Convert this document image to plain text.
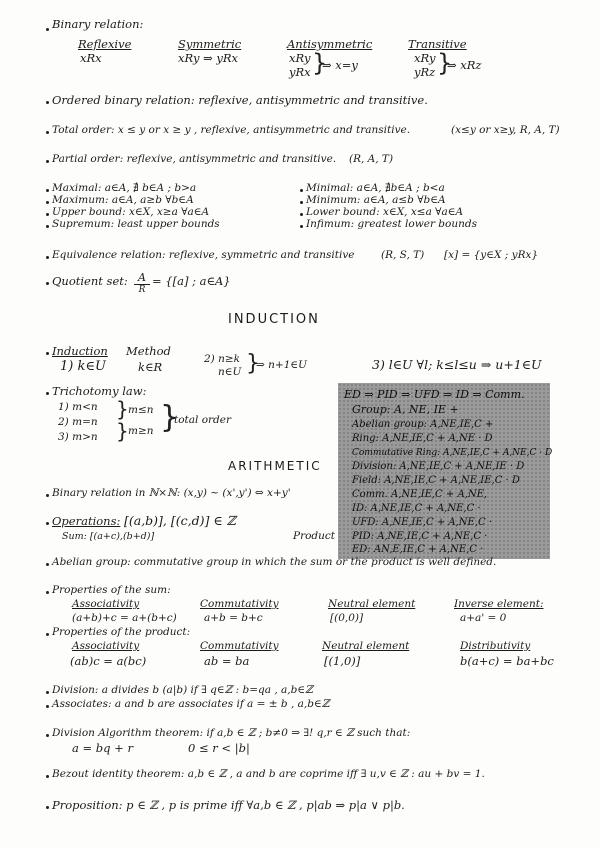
Binary relation:
Reflexive
xRx
Symmetric
xRy ⇒ yRx
Antisymmetric
xRy
yRx }
⇒ x=y
Transitive
xRy
yRz }
⇒ xRz
Ordered binary relation: reflexive, antisymmetric and transitive.
Total order: x ≤ y or x ≥ y , reflexive, antisymmetric and transitive.	(x≤y or x≥y, R, A, T)
Partial order: reflexive, antisymmetric and transitive. (R, A, T)
Maximal: a∈A, ∄ b∈A ; b>a
Maximum: a∈A, a≥b ∀b∈A
Upper bound: x∈X, x≥a ∀a∈A
Supremum: least upper bounds
Minimal: a∈A, ∄b∈A ; b<a
Minimum: a∈A, a≤b ∀b∈A
Lower bound: x∈X, x≤a ∀a∈A
Infimum: greatest lower bounds
Equivalence relation: reflexive, symmetric and transitive	(R, S, T) [x] = {y∈X ; yRx}
Quotient set: A
R
= {[a] ; a∈A}
INDUCTION
Induction Method
1) k∈U	k∈R
2) n≥k
n∈U }
⇒ n+1∈U	3) l∈U ∀l; k≤l≤u ⇒ u+1∈U
Trichotomy law:
1) m<n
2) m=n
3) m>n
} m≤n
} m≥n }
total order
ED ⇒ PID ⇒ UFD ⇒ ID ⇒ Comm.
Group: A, NE, IE +
Abelian group: A,NE,IE,C +
Ring: A,NE,IE,C + A,NE · D
Commutative Ring: A,NE,IE,C + A,NE,C · D
Division: A,NE,IE,C + A,NE,IE · D
Field: A,NE,IE,C + A,NE,IE,C · D
Comm. A,NE,IE,C + A,NE,
ID: A,NE,IE,C + A,NE,C ·
UFD: A,NE,IE,C + A,NE,C ·
PID: A,NE,IE,C + A,NE,C ·
ED: AN,E,IE,C + A,NE,C ·
ARITHMETIC
Binary relation in ℕ×ℕ: (x,y) ~ (x',y') ⇔ x+y'
Operations: [(a,b)], [(c,d)] ∈ ℤ
Sum: [(a+c),(b+d)]	Product
Abelian group: commutative group in which the sum or the product is well defined.
Properties of the sum:
Associativity
(a+b)+c = a+(b+c)
Commutativity
a+b = b+c
Neutral element
[(0,0)]
Inverse element:
a+a' = 0
Properties of the product:
Associativity
(ab)c = a(bc)
Commutativity
ab = ba
Neutral element
[(1,0)]
Distributivity
b(a+c) = ba+bc
Division: a divides b (a|b) if ∃ q∈ℤ : b=qa , a,b∈ℤ
Associates: a and b are associates if a = ± b , a,b∈ℤ
Division Algorithm theorem: if a,b ∈ ℤ ; b≠0 ⇒ ∃! q,r ∈ ℤ such that:
a = bq + r	0 ≤ r < |b|
Bezout identity theorem: a,b ∈ ℤ , a and b are coprime iff ∃ u,v ∈ ℤ : au + bv = 1.
Proposition: p ∈ ℤ , p is prime iff ∀a,b ∈ ℤ , p|ab ⇒ p|a ∨ p|b.
